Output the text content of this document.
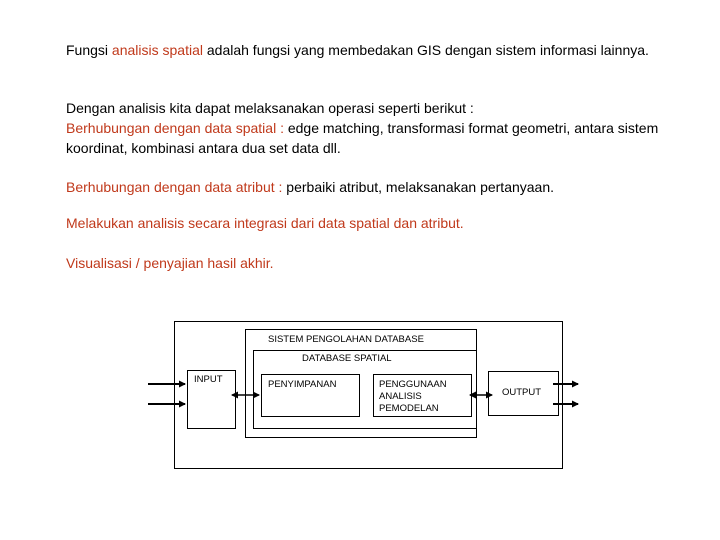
Fungsi analisis spatial adalah fungsi yang membedakan GIS dengan sistem informasi lainnya.

Dengan analisis kita dapat melaksanakan operasi seperti berikut :
Berhubungan dengan data spatial : edge matching, transformasi format geometri, antara sistem koordinat, kombinasi antara dua set data dll.

Berhubungan dengan data atribut : perbaiki atribut, melaksanakan pertanyaan.

Melakukan analisis secara integrasi dari data spatial dan atribut.

Visualisasi / penyajian hasil akhir.

SISTEM PENGOLAHAN DATABASE
DATABASE SPATIAL
INPUT	PENYIMPANAN	PENGGUNAAN
ANALISIS
PEMODELAN
OUTPUT
